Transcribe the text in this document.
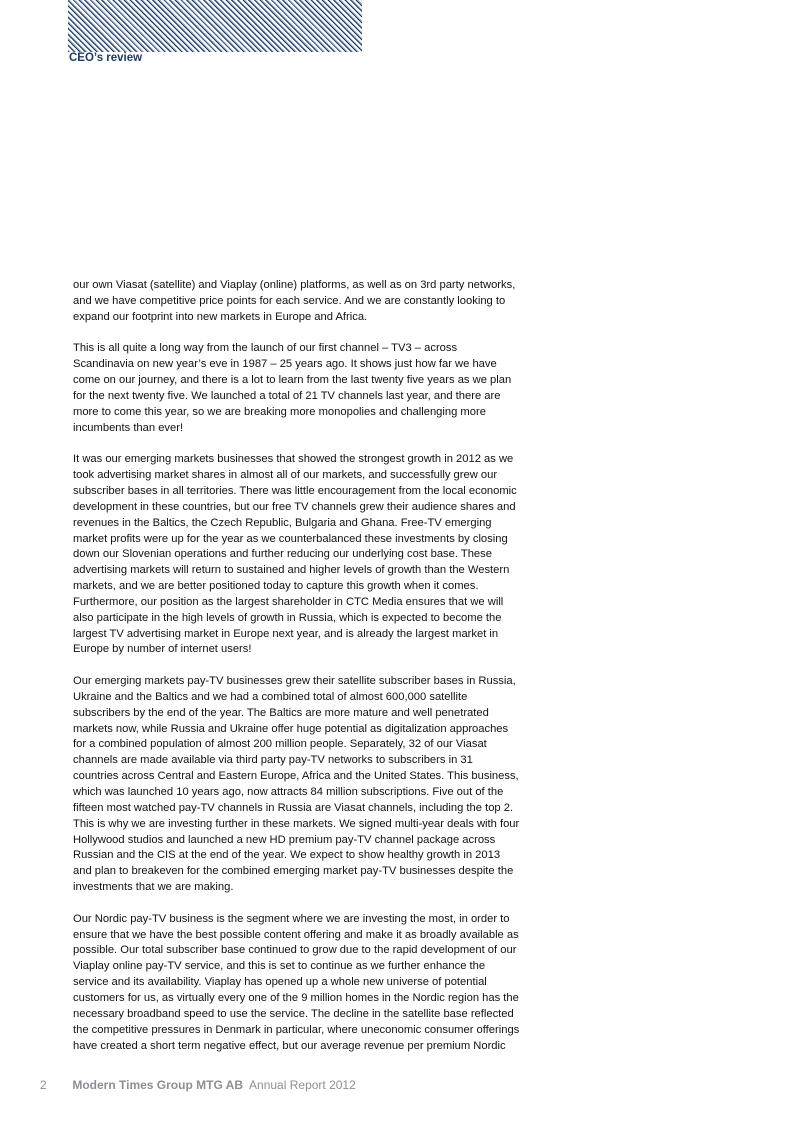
CEO’s review
our own Viasat (satellite) and Viaplay (online) platforms, as well as on 3rd party networks,
and we have competitive price points for each service. And we are constantly looking to
expand our footprint into new markets in Europe and Africa.
This is all quite a long way from the launch of our first channel – TV3 – across
Scandinavia on new year’s eve in 1987 – 25 years ago. It shows just how far we have
come on our journey, and there is a lot to learn from the last twenty five years as we plan
for the next twenty five. We launched a total of 21 TV channels last year, and there are
more to come this year, so we are breaking more monopolies and challenging more
incumbents than ever!
It was our emerging markets businesses that showed the strongest growth in 2012 as we
took advertising market shares in almost all of our markets, and successfully grew our
subscriber bases in all territories. There was little encouragement from the local economic
development in these countries, but our free TV channels grew their audience shares and
revenues in the Baltics, the Czech Republic, Bulgaria and Ghana. Free-TV emerging
market profits were up for the year as we counterbalanced these investments by closing
down our Slovenian operations and further reducing our underlying cost base. These
advertising markets will return to sustained and higher levels of growth than the Western
markets, and we are better positioned today to capture this growth when it comes.
Furthermore, our position as the largest shareholder in CTC Media ensures that we will
also participate in the high levels of growth in Russia, which is expected to become the
largest TV advertising market in Europe next year, and is already the largest market in
Europe by number of internet users!
Our emerging markets pay-TV businesses grew their satellite subscriber bases in Russia,
Ukraine and the Baltics and we had a combined total of almost 600,000 satellite
subscribers by the end of the year. The Baltics are more mature and well penetrated
markets now, while Russia and Ukraine offer huge potential as digitalization approaches
for a combined population of almost 200 million people. Separately, 32 of our Viasat
channels are made available via third party pay-TV networks to subscribers in 31
countries across Central and Eastern Europe, Africa and the United States. This business,
which was launched 10 years ago, now attracts 84 million subscriptions. Five out of the
fifteen most watched pay-TV channels in Russia are Viasat channels, including the top 2.
This is why we are investing further in these markets. We signed multi-year deals with four
Hollywood studios and launched a new HD premium pay-TV channel package across
Russian and the CIS at the end of the year. We expect to show healthy growth in 2013
and plan to breakeven for the combined emerging market pay-TV businesses despite the
investments that we are making.
Our Nordic pay-TV business is the segment where we are investing the most, in order to
ensure that we have the best possible content offering and make it as broadly available as
possible. Our total subscriber base continued to grow due to the rapid development of our
Viaplay online pay-TV service, and this is set to continue as we further enhance the
service and its availability. Viaplay has opened up a whole new universe of potential
customers for us, as virtually every one of the 9 million homes in the Nordic region has the
necessary broadband speed to use the service. The decline in the satellite base reflected
the competitive pressures in Denmark in particular, where uneconomic consumer offerings
have created a short term negative effect, but our average revenue per premium Nordic
2 Modern Times Group MTG AB Annual Report 2012
